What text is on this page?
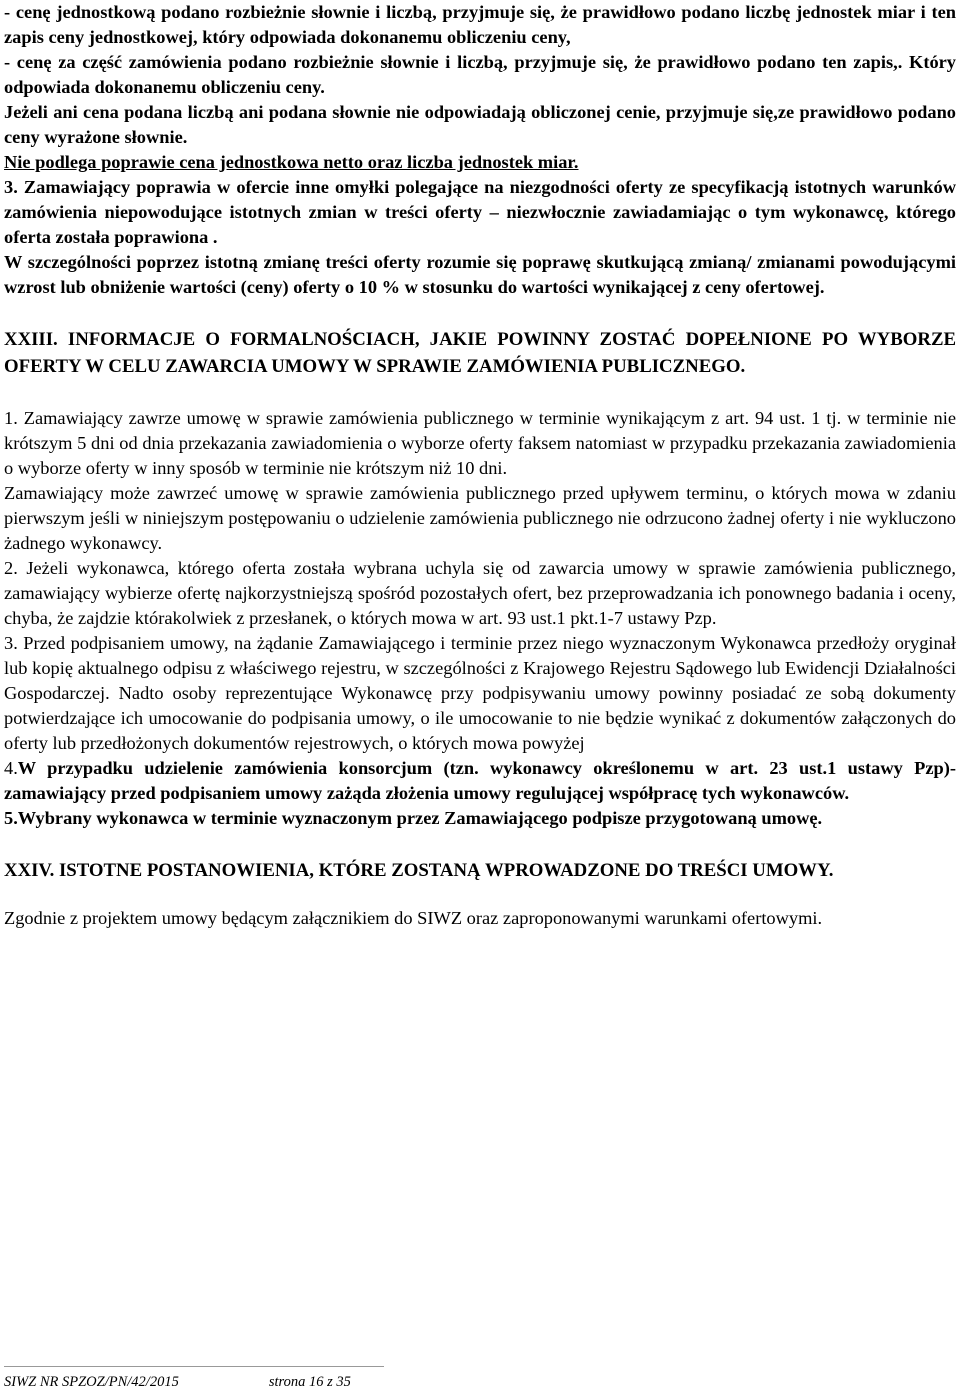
- cenę jednostkową podano rozbieżnie słownie i liczbą, przyjmuje się, że prawidłowo podano liczbę jednostek miar i ten zapis ceny jednostkowej, który odpowiada dokonanemu obliczeniu ceny,

- cenę za część zamówienia podano rozbieżnie słownie i liczbą, przyjmuje się, że prawidłowo podano ten zapis,. Który odpowiada dokonanemu obliczeniu ceny.

Jeżeli ani cena podana liczbą ani podana słownie nie odpowiadają obliczonej cenie, przyjmuje się,ze prawidłowo podano ceny wyrażone słownie.

Nie podlega poprawie cena jednostkowa netto oraz liczba jednostek miar.

3. Zamawiający poprawia w ofercie inne omyłki polegające na niezgodności oferty ze specyfikacją istotnych warunków zamówienia niepowodujące istotnych zmian w treści oferty – niezwłocznie zawiadamiając o tym wykonawcę, którego oferta została poprawiona .

W szczególności poprzez istotną zmianę treści oferty rozumie się poprawę skutkującą zmianą/ zmianami powodującymi wzrost lub obniżenie wartości (ceny) oferty o 10 % w stosunku do wartości wynikającej z ceny ofertowej.

XXIII. INFORMACJE O FORMALNOŚCIACH, JAKIE POWINNY ZOSTAĆ DOPEŁNIONE PO WYBORZE OFERTY W CELU ZAWARCIA UMOWY W SPRAWIE ZAMÓWIENIA PUBLICZNEGO.

1. Zamawiający zawrze umowę w sprawie zamówienia publicznego w terminie wynikającym z art. 94 ust. 1 tj. w terminie nie krótszym 5 dni od dnia przekazania zawiadomienia o wyborze oferty faksem natomiast w przypadku przekazania zawiadomienia o wyborze oferty w inny sposób w terminie nie krótszym niż 10 dni.

Zamawiający może zawrzeć umowę w sprawie zamówienia publicznego przed upływem terminu, o których mowa w zdaniu pierwszym jeśli w niniejszym postępowaniu o udzielenie zamówienia publicznego nie odrzucono żadnej oferty i nie wykluczono żadnego wykonawcy.

2. Jeżeli wykonawca, którego oferta została wybrana uchyla się od zawarcia umowy w sprawie zamówienia publicznego, zamawiający wybierze ofertę najkorzystniejszą spośród pozostałych ofert, bez przeprowadzania ich ponownego badania i oceny, chyba, że zajdzie którakolwiek z przesłanek, o których mowa w art. 93 ust.1 pkt.1-7 ustawy Pzp.

3. Przed podpisaniem umowy, na żądanie Zamawiającego i terminie przez niego wyznaczonym Wykonawca przedłoży oryginał lub kopię aktualnego odpisu z właściwego rejestru, w szczególności z Krajowego Rejestru Sądowego lub Ewidencji Działalności Gospodarczej. Nadto osoby reprezentujące Wykonawcę przy podpisywaniu umowy powinny posiadać ze sobą dokumenty potwierdzające ich umocowanie do podpisania umowy, o ile umocowanie to nie będzie wynikać z dokumentów załączonych do oferty lub przedłożonych dokumentów rejestrowych, o których mowa powyżej

4.W przypadku udzielenie zamówienia konsorcjum (tzn. wykonawcy określonemu w art. 23 ust.1 ustawy Pzp)- zamawiający przed podpisaniem umowy zażąda złożenia umowy regulującej współpracę tych wykonawców.

5.Wybrany wykonawca w terminie wyznaczonym przez Zamawiającego podpisze przygotowaną umowę.

XXIV. ISTOTNE POSTANOWIENIA, KTÓRE ZOSTANĄ WPROWADZONE DO TREŚCI UMOWY.

Zgodnie z projektem umowy będącym załącznikiem do SIWZ oraz zaproponowanymi warunkami ofertowymi.

SIWZ NR SPZOZ/PN/42/2015	strona 16 z 35
